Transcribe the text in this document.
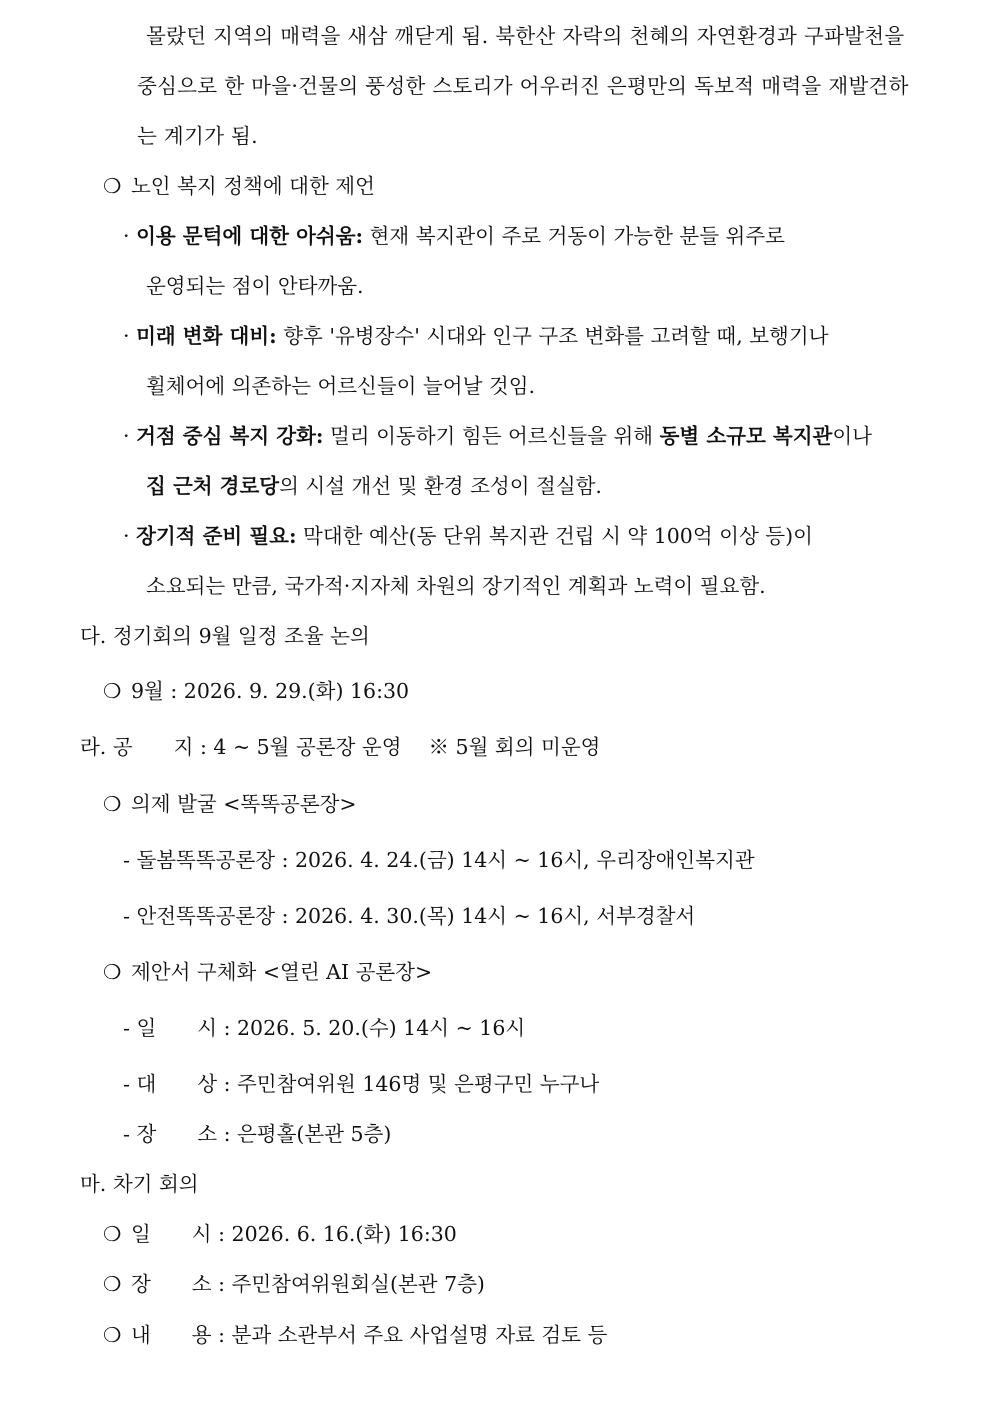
몰랐던 지역의 매력을 새삼 깨닫게 됨. 북한산 자락의 천혜의 자연환경과 구파발천을
중심으로 한 마을·건물의 풍성한 스토리가 어우러진 은평만의 독보적 매력을 재발견하
는 계기가 됨.
❍노인 복지 정책에 대한 제언
· 이용 문턱에 대한 아쉬움: 현재 복지관이 주로 거동이 가능한 분들 위주로
운영되는 점이 안타까움.
· 미래 변화 대비: 향후 '유병장수' 시대와 인구 구조 변화를 고려할 때, 보행기나
휠체어에 의존하는 어르신들이 늘어날 것임.
· 거점 중심 복지 강화: 멀리 이동하기 힘든 어르신들을 위해 동별 소규모 복지관이나
집 근처 경로당의 시설 개선 및 환경 조성이 절실함.
· 장기적 준비 필요: 막대한 예산(동 단위 복지관 건립 시 약 100억 이상 등)이
소요되는 만큼, 국가적·지자체 차원의 장기적인 계획과 노력이 필요함.
다. 정기회의 9월 일정 조율 논의
❍9월 : 2026. 9. 29.(화) 16:30
라. 공　　지 : 4 ~ 5월 공론장 운영　 ※ 5월 회의 미운영
❍의제 발굴 <똑똑공론장>
- 돌봄똑똑공론장 : 2026. 4. 24.(금) 14시 ~ 16시, 우리장애인복지관
- 안전똑똑공론장 : 2026. 4. 30.(목) 14시 ~ 16시, 서부경찰서
❍제안서 구체화 <열린 AI 공론장>
- 일　　시 : 2026. 5. 20.(수) 14시 ~ 16시
- 대　　상 : 주민참여위원 146명 및 은평구민 누구나
- 장　　소 : 은평홀(본관 5층)
마. 차기 회의
❍일　　시 : 2026. 6. 16.(화) 16:30
❍장　　소 : 주민참여위원회실(본관 7층)
❍내　　용 : 분과 소관부서 주요 사업설명 자료 검토 등
